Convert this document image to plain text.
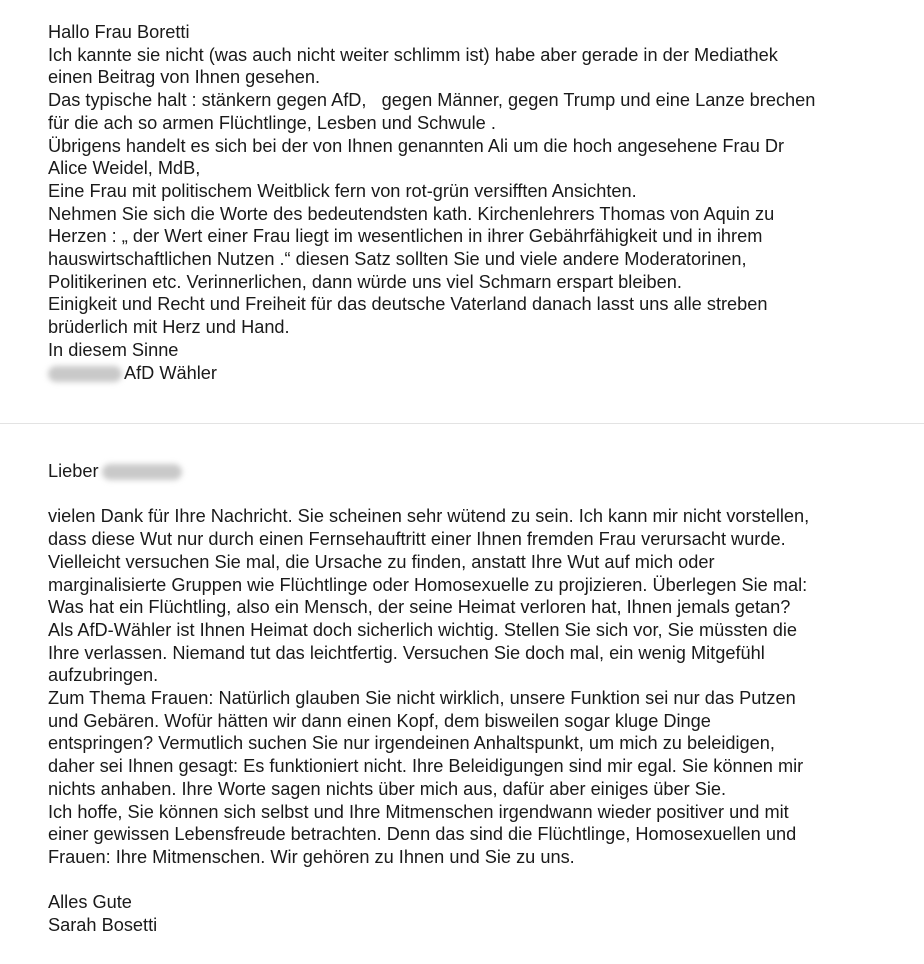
Hallo Frau Boretti

Ich kannte sie nicht (was auch nicht weiter schlimm ist) habe aber gerade in der Mediathek

einen Beitrag von Ihnen gesehen.

Das typische halt : stänkern gegen AfD,   gegen Männer, gegen Trump und eine Lanze brechen

für die ach so armen Flüchtlinge, Lesben und Schwule .

Übrigens handelt es sich bei der von Ihnen genannten Ali um die hoch angesehene Frau Dr

Alice Weidel, MdB,

Eine Frau mit politischem Weitblick fern von rot-grün versifften Ansichten.

Nehmen Sie sich die Worte des bedeutendsten kath. Kirchenlehrers Thomas von Aquin zu

Herzen : „ der Wert einer Frau liegt im wesentlichen in ihrer Gebährfähigkeit und in ihrem

hauswirtschaftlichen Nutzen .“ diesen Satz sollten Sie und viele andere Moderatorinen,

Politikerinen etc. Verinnerlichen, dann würde uns viel Schmarn erspart bleiben.

Einigkeit und Recht und Freiheit für das deutsche Vaterland danach lasst uns alle streben

brüderlich mit Herz und Hand.

In diesem Sinne

AfD Wähler

Lieber

vielen Dank für Ihre Nachricht. Sie scheinen sehr wütend zu sein. Ich kann mir nicht vorstellen,

dass diese Wut nur durch einen Fernsehauftritt einer Ihnen fremden Frau verursacht wurde.

Vielleicht versuchen Sie mal, die Ursache zu finden, anstatt Ihre Wut auf mich oder

marginalisierte Gruppen wie Flüchtlinge oder Homosexuelle zu projizieren. Überlegen Sie mal:

Was hat ein Flüchtling, also ein Mensch, der seine Heimat verloren hat, Ihnen jemals getan?

Als AfD-Wähler ist Ihnen Heimat doch sicherlich wichtig. Stellen Sie sich vor, Sie müssten die

Ihre verlassen. Niemand tut das leichtfertig. Versuchen Sie doch mal, ein wenig Mitgefühl

aufzubringen.

Zum Thema Frauen: Natürlich glauben Sie nicht wirklich, unsere Funktion sei nur das Putzen

und Gebären. Wofür hätten wir dann einen Kopf, dem bisweilen sogar kluge Dinge

entspringen? Vermutlich suchen Sie nur irgendeinen Anhaltspunkt, um mich zu beleidigen,

daher sei Ihnen gesagt: Es funktioniert nicht. Ihre Beleidigungen sind mir egal. Sie können mir

nichts anhaben. Ihre Worte sagen nichts über mich aus, dafür aber einiges über Sie.

Ich hoffe, Sie können sich selbst und Ihre Mitmenschen irgendwann wieder positiver und mit

einer gewissen Lebensfreude betrachten. Denn das sind die Flüchtlinge, Homosexuellen und

Frauen: Ihre Mitmenschen. Wir gehören zu Ihnen und Sie zu uns.

Alles Gute

Sarah Bosetti
